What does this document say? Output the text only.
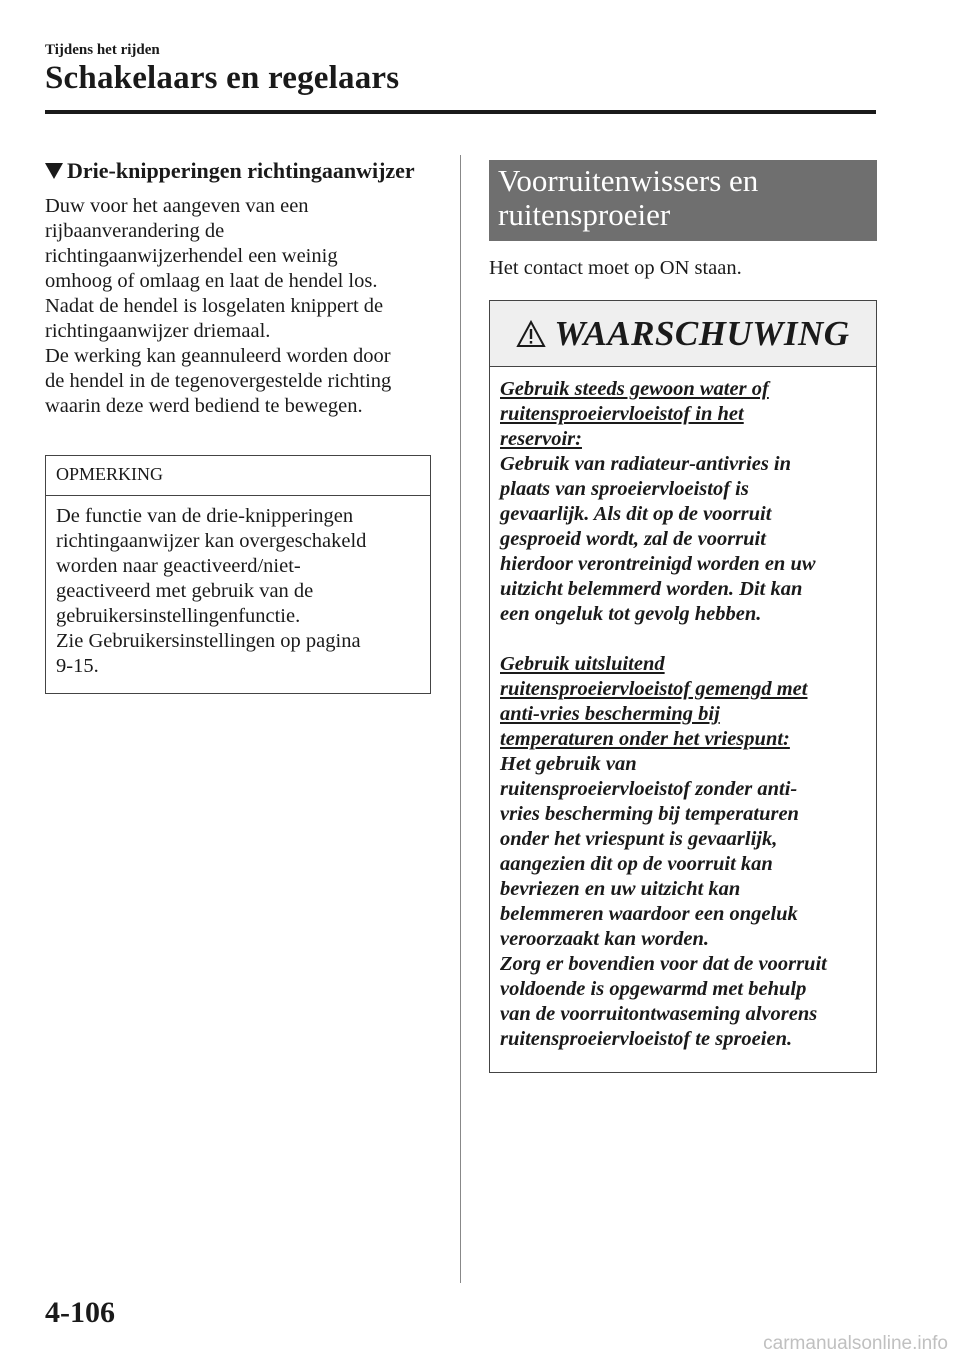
Tijdens het rijden
Schakelaars en regelaars
Drie-knipperingen richtingaanwijzer
Duw voor het aangeven van een
rijbaanverandering de
richtingaanwijzerhendel een weinig
omhoog of omlaag en laat de hendel los.
Nadat de hendel is losgelaten knippert de
richtingaanwijzer driemaal.
De werking kan geannuleerd worden door
de hendel in de tegenovergestelde richting
waarin deze werd bediend te bewegen.
OPMERKING
De functie van de drie-knipperingen
richtingaanwijzer kan overgeschakeld
worden naar geactiveerd/niet-
geactiveerd met gebruik van de
gebruikersinstellingenfunctie.
Zie Gebruikersinstellingen op pagina
9-15.
Voorruitenwissers en
ruitensproeier

Het contact moet op ON staan.

WAARSCHUWING
Gebruik steeds gewoon water of
ruitensproeiervloeistof in het
reservoir:
Gebruik van radiateur-antivries in
plaats van sproeiervloeistof is
gevaarlijk. Als dit op de voorruit
gesproeid wordt, zal de voorruit
hierdoor verontreinigd worden en uw
uitzicht belemmerd worden. Dit kan
een ongeluk tot gevolg hebben.
Gebruik uitsluitend
ruitensproeiervloeistof gemengd met
anti-vries bescherming bij
temperaturen onder het vriespunt:
Het gebruik van
ruitensproeiervloeistof zonder anti-
vries bescherming bij temperaturen
onder het vriespunt is gevaarlijk,
aangezien dit op de voorruit kan
bevriezen en uw uitzicht kan
belemmeren waardoor een ongeluk
veroorzaakt kan worden.
Zorg er bovendien voor dat de voorruit
voldoende is opgewarmd met behulp
van de voorruitontwaseming alvorens
ruitensproeiervloeistof te sproeien.
4-106
carmanualsonline.info
